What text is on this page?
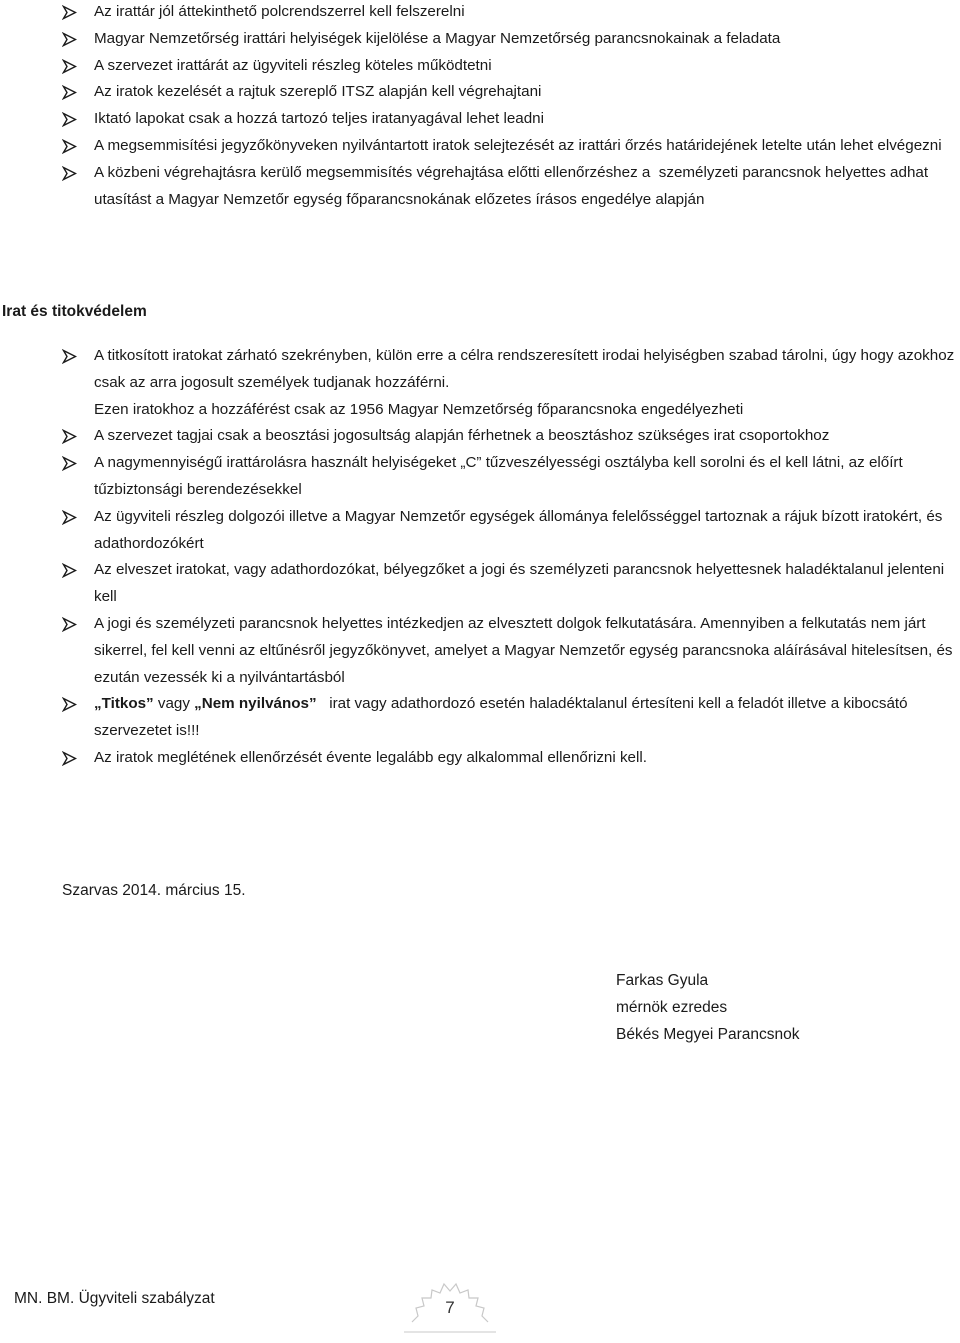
Az irattár jól áttekinthető polcrendszerrel kell felszerelni
Magyar Nemzetőrség irattári helyiségek kijelölése a Magyar Nemzetőrség parancsnokainak a feladata
A szervezet irattárát az ügyviteli részleg köteles működtetni
Az iratok kezelését a rajtuk szereplő ITSZ alapján kell végrehajtani
Iktató lapokat csak a hozzá tartozó teljes iratanyagával lehet leadni
A megsemmisítési jegyzőkönyveken nyilvántartott iratok selejtezését az irattári őrzés határidejének letelte után lehet elvégezni
A közbeni végrehajtásra kerülő megsemmisítés végrehajtása előtti ellenőrzéshez a  személyzeti parancsnok helyettes adhat utasítást a Magyar Nemzetőr egység főparancsnokának előzetes írásos engedélye alapján
Irat és titokvédelem
A titkosított iratokat zárható szekrényben, külön erre a célra rendszeresített irodai helyiségben szabad tárolni, úgy hogy azokhoz csak az arra jogosult személyek tudjanak hozzáférni.
Ezen iratokhoz a hozzáférést csak az 1956 Magyar Nemzetőrség főparancsnoka engedélyezheti
A szervezet tagjai csak a beosztási jogosultság alapján férhetnek a beosztáshoz szükséges irat csoportokhoz
A nagymennyiségű irattárolásra használt helyiségeket „C” tűzveszélyességi osztályba kell sorolni és el kell látni, az előírt tűzbiztonsági berendezésekkel
Az ügyviteli részleg dolgozói illetve a Magyar Nemzetőr egységek állománya felelősséggel tartoznak a rájuk bízott iratokért, és adathordozókért
Az elveszet iratokat, vagy adathordozókat, bélyegzőket a jogi és személyzeti parancsnok helyettesnek haladéktalanul jelenteni kell
A jogi és személyzeti parancsnok helyettes intézkedjen az elvesztett dolgok felkutatására. Amennyiben a felkutatás nem járt sikerrel, fel kell venni az eltűnésről jegyzőkönyvet, amelyet a Magyar Nemzetőr egység parancsnoka aláírásával hitelesítsen, és ezután vezessék ki a nyilvántartásból
„Titkos” vagy „Nem nyilvános”   irat vagy adathordozó esetén haladéktalanul értesíteni kell a feladót illetve a kibocsátó szervezetet is!!!
Az iratok meglétének ellenőrzését évente legalább egy alkalommal ellenőrizni kell.
Szarvas 2014. március 15.
Farkas Gyula
mérnök ezredes
Békés Megyei Parancsnok
MN. BM. Ügyviteli szabályzat	7
